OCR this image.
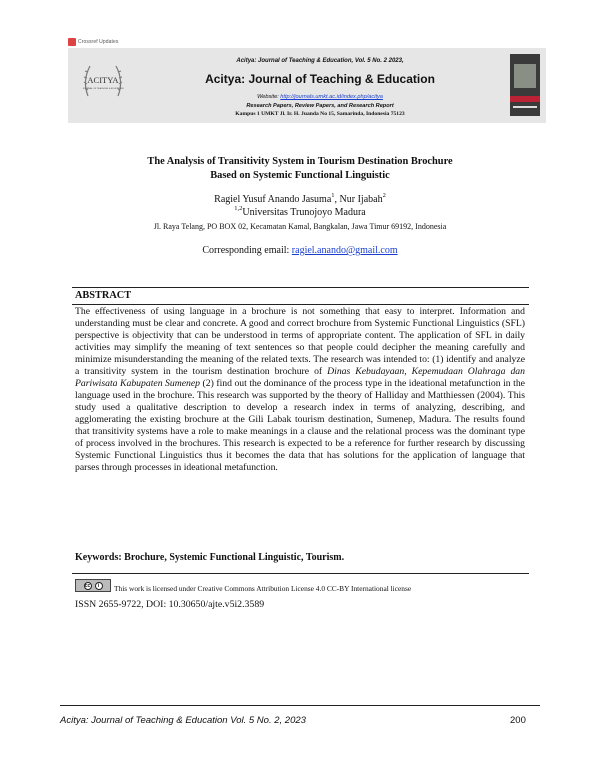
Crossref Updates
ACITYA
JOURNAL OF TEACHING & EDUCATION
Acitya: Journal of Teaching & Education, Vol. 5 No. 2 2023,
Acitya: Journal of Teaching & Education
Website: http://journals.umkt.ac.id/index.php/acitya
Research Papers, Review Papers, and Research Report
Kampus 1 UMKT Jl. Ir. H. Juanda No 15, Samarinda, Indonesia 75123
The Analysis of Transitivity System in Tourism Destination Brochure
Based on Systemic Functional Linguistic
Ragiel Yusuf Anando Jasuma$^1$, Nur Ijabah$^2$
$^{1,2}$Universitas Trunojoyo Madura
Jl. Raya Telang, PO BOX 02, Kecamatan Kamal, Bangkalan, Jawa Timur 69192, Indonesia
Corresponding email: ragiel.anando@gmail.com
ABSTRACT
The effectiveness of using language in a brochure is not something that easy to interpret. Information and understanding must be clear and concrete. A good and correct brochure from Systemic Functional Linguistics (SFL) perspective is objectivity that can be understood in terms of appropriate content. The application of SFL in daily activities may simplify the meaning of text sentences so that people could decipher the meaning carefully and minimize misunderstanding the meaning of the related texts. The research was intended to: (1) identify and analyze a transitivity system in the tourism destination brochure of Dinas Kebudayaan, Kepemudaan Olahraga dan Pariwisata Kabupaten Sumenep (2) find out the dominance of the process type in the ideational metafunction in the language used in the brochure. This research was supported by the theory of Halliday and Matthiessen (2004). This study used a qualitative description to develop a research index in terms of analyzing, describing, and agglomerating the existing brochure at the Gili Labak tourism destination, Sumenep, Madura. The results found that transitivity systems have a role to make meanings in a clause and the relational process was the dominant type of process involved in the brochures. This research is expected to be a reference for further research by discussing Systemic Functional Linguistics thus it becomes the data that has solutions for the application of language that parses through processes in ideational metafunction.
Keywords: Brochure, Systemic Functional Linguistic, Tourism.
cc	i	This work is licensed under Creative Commons Attribution License 4.0 CC-BY International license
ISSN 2655-9722, DOI: 10.30650/ajte.v5i2.3589
Acitya: Journal of Teaching & Education Vol. 5 No. 2, 2023	200
